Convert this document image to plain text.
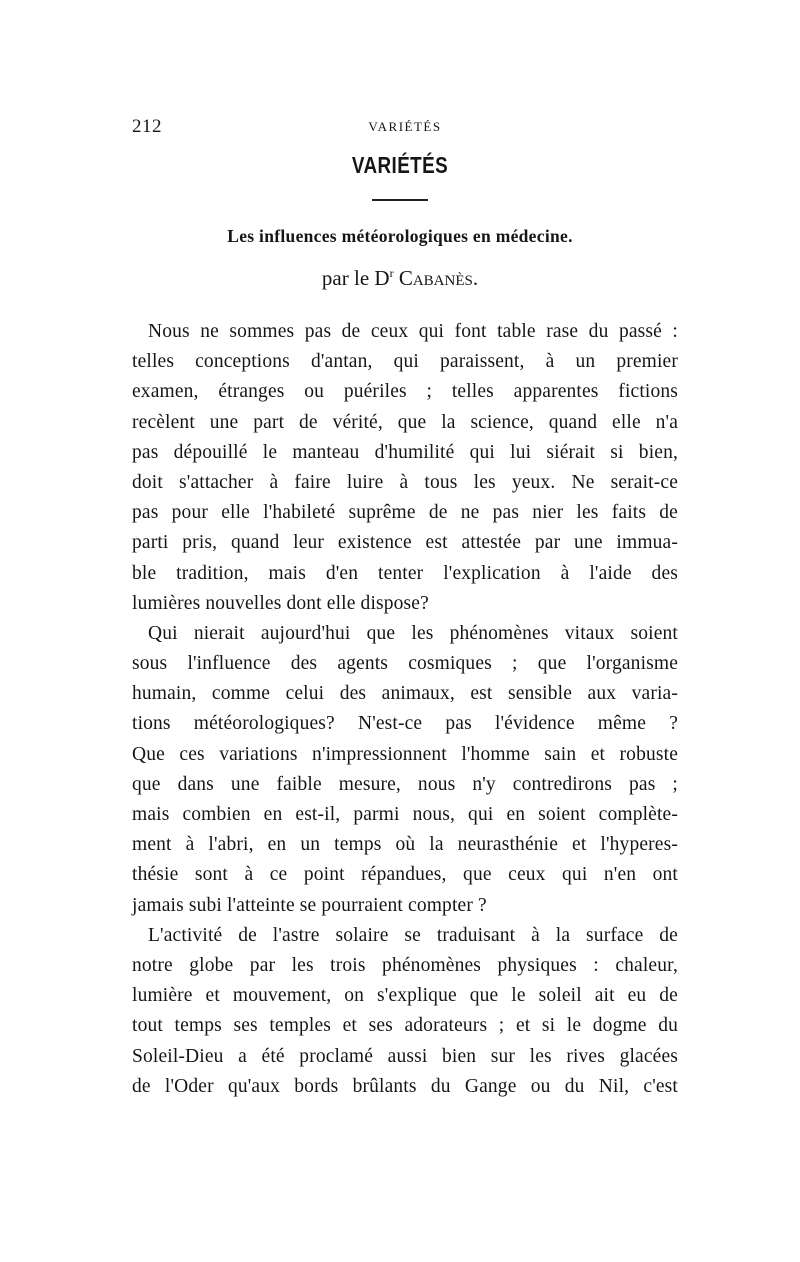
212	VARIÉTÉS
VARIÉTÉS
Les influences météorologiques en médecine.
par le $D^r$ Cabanès.
Nous ne sommes pas de ceux qui font table rase du passé :
telles conceptions d'antan, qui paraissent, à un premier
examen, étranges ou puériles ; telles apparentes fictions
recèlent une part de vérité, que la science, quand elle n'a
pas dépouillé le manteau d'humilité qui lui siérait si bien,
doit s'attacher à faire luire à tous les yeux. Ne serait-ce
pas pour elle l'habileté suprême de ne pas nier les faits de
parti pris, quand leur existence est attestée par une immua-
ble tradition, mais d'en tenter l'explication à l'aide des
lumières nouvelles dont elle dispose?
Qui nierait aujourd'hui que les phénomènes vitaux soient
sous l'influence des agents cosmiques ; que l'organisme
humain, comme celui des animaux, est sensible aux varia-
tions météorologiques? N'est-ce pas l'évidence même ?
Que ces variations n'impressionnent l'homme sain et robuste
que dans une faible mesure, nous n'y contredirons pas ;
mais combien en est-il, parmi nous, qui en soient complète-
ment à l'abri, en un temps où la neurasthénie et l'hyperes-
thésie sont à ce point répandues, que ceux qui n'en ont
jamais subi l'atteinte se pourraient compter ?
L'activité de l'astre solaire se traduisant à la surface de
notre globe par les trois phénomènes physiques : chaleur,
lumière et mouvement, on s'explique que le soleil ait eu de
tout temps ses temples et ses adorateurs ; et si le dogme du
Soleil-Dieu a été proclamé aussi bien sur les rives glacées
de l'Oder qu'aux bords brûlants du Gange ou du Nil, c'est
